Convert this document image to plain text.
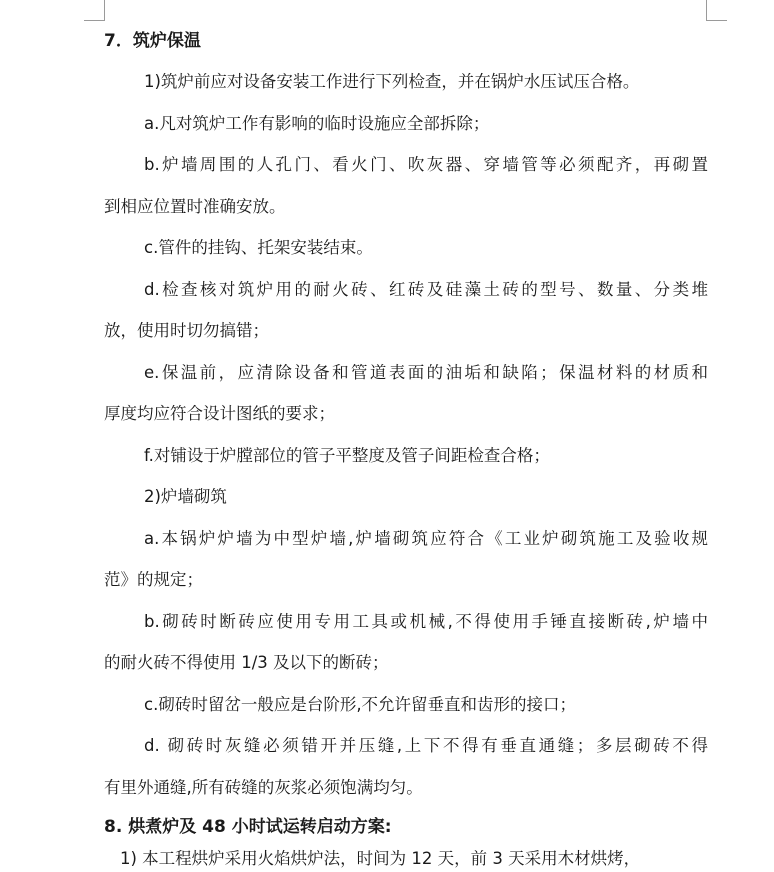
7．筑炉保温
1)筑炉前应对设备安装工作进行下列检查，并在锅炉水压试压合格。
a.凡对筑炉工作有影响的临时设施应全部拆除；
b.炉墙周围的人孔门、看火门、吹灰器、穿墙管等必须配齐，再砌置
到相应位置时准确安放。
c.管件的挂钩、托架安装结束。
d.检查核对筑炉用的耐火砖、红砖及硅藻土砖的型号、数量、分类堆
放，使用时切勿搞错；
e.保温前，应清除设备和管道表面的油垢和缺陷；保温材料的材质和
厚度均应符合设计图纸的要求；
f.对铺设于炉膛部位的管子平整度及管子间距检查合格；
2)炉墙砌筑
a.本锅炉炉墙为中型炉墙,炉墙砌筑应符合《工业炉砌筑施工及验收规
范》的规定；
b.砌砖时断砖应使用专用工具或机械,不得使用手锤直接断砖,炉墙中
的耐火砖不得使用 1/3 及以下的断砖；
c.砌砖时留岔一般应是台阶形,不允许留垂直和齿形的接口；
d. 砌砖时灰缝必须错开并压缝,上下不得有垂直通缝；多层砌砖不得
有里外通缝,所有砖缝的灰浆必须饱满均匀。
8. 烘煮炉及 48 小时试运转启动方案:
1) 本工程烘炉采用火焰烘炉法，时间为 12 天，前 3 天采用木材烘烤，
